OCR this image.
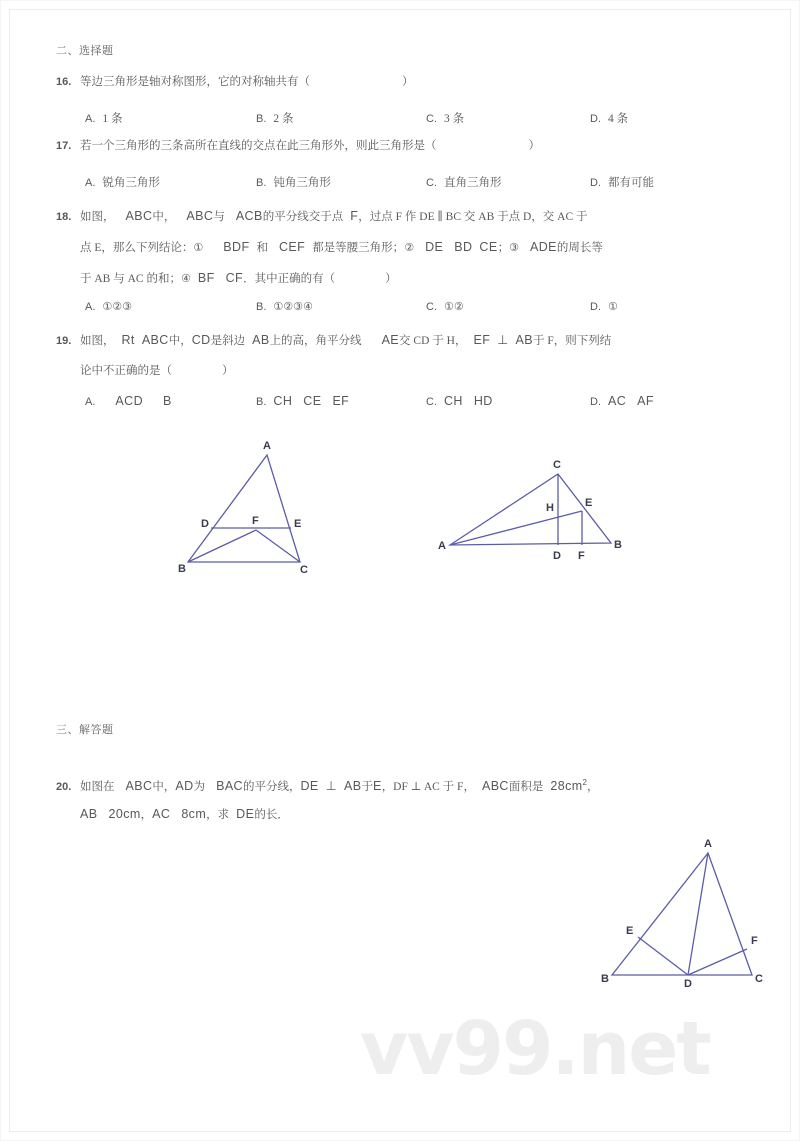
二、选择题
16. 等边三角形是轴对称图形，它的对称轴共有（	）
A. 1 条	B. 2 条	C. 3 条	D. 4 条
17. 若一个三角形的三条高所在直线的交点在此三角形外，则此三角形是（	）
A. 锐角三角形	B. 钝角三角形	C. 直角三角形	D. 都有可能
18. 如图， ABC中， ABC与 ACB的平分线交于点 F，过点 F 作 DE ∥ BC 交 AB 于点 D，交 AC 于
点 E，那么下列结论：① BDF 和 CEF 都是等腰三角形；② DE BD CE；③ ADE的周长等
于 AB 与 AC 的和；④ BF CF．其中正确的有（	）
A. ①②③	B. ①②③④	C. ①②	D. ①
19. 如图， Rt ABC中，CD是斜边 AB上的高，角平分线 AE交 CD 于 H， EF ⊥ AB于 F，则下列结
论中不正确的是（	）
A. ACD B	B. CH CE EF	C. CH HD	D. AC AF
A
D	F	E
B	C
C
H	E
A
D F
B
三、解答题
20. 如图在 ABC中，AD为 BAC的平分线，DE ⊥ AB于E，DF ⊥ AC 于 F， ABC面积是 $28cm^2$，
AB 20cm，AC 8cm，求 DE的长．
A
E
F
B	D	C
vv99.net
